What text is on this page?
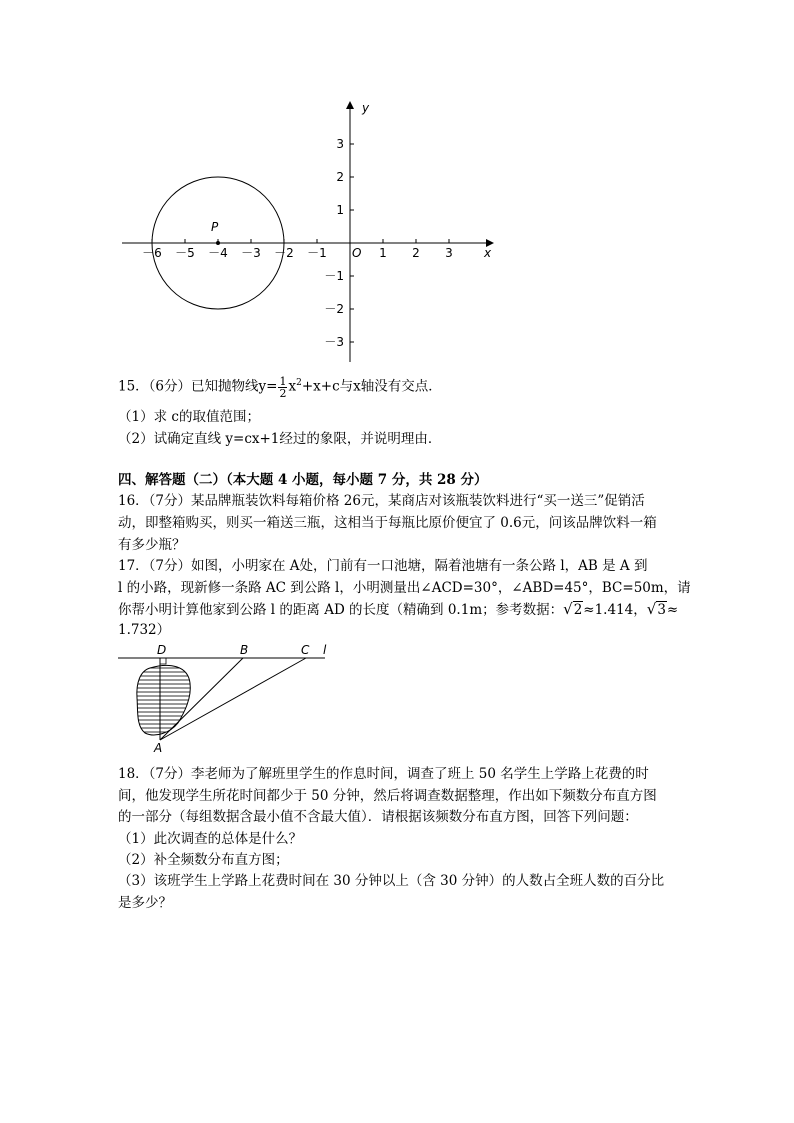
－6 －5 －4 －3 －2 －1	1 2 3
3
2
1
－1
－2
－3
P
x
y
O
15．（6分）已知抛物线$y= \frac{1}{2} x^2+x+c$与x轴没有交点．
（1）求 c的取值范围；
（2）试确定直线 y=cx+1经过的象限，并说明理由．
四、解答题（二）（本大题 4 小题，每小题 7 分，共 28 分）
16．（7分）某品牌瓶装饮料每箱价格 26元，某商店对该瓶装饮料进行“买一送三”促销活
动，即整箱购买，则买一箱送三瓶，这相当于每瓶比原价便宜了 0.6元，问该品牌饮料一箱
有多少瓶？
17．（7分）如图，小明家在 A处，门前有一口池塘，隔着池塘有一条公路 l，AB 是 A 到
l 的小路，现新修一条路 AC 到公路 l，小明测量出∠ACD=30°，∠ABD=45°，BC=50m，请
你帮小明计算他家到公路 l 的距离 AD 的长度（精确到 0.1m；参考数据：√2≈1.414，√3≈
1.732）
D	B	C l
A
18．（7分）李老师为了解班里学生的作息时间，调查了班上 50 名学生上学路上花费的时
间，他发现学生所花时间都少于 50 分钟，然后将调查数据整理，作出如下频数分布直方图
的一部分（每组数据含最小值不含最大值）．请根据该频数分布直方图，回答下列问题：
（1）此次调查的总体是什么？
（2）补全频数分布直方图；
（3）该班学生上学路上花费时间在 30 分钟以上（含 30 分钟）的人数占全班人数的百分比
是多少？
